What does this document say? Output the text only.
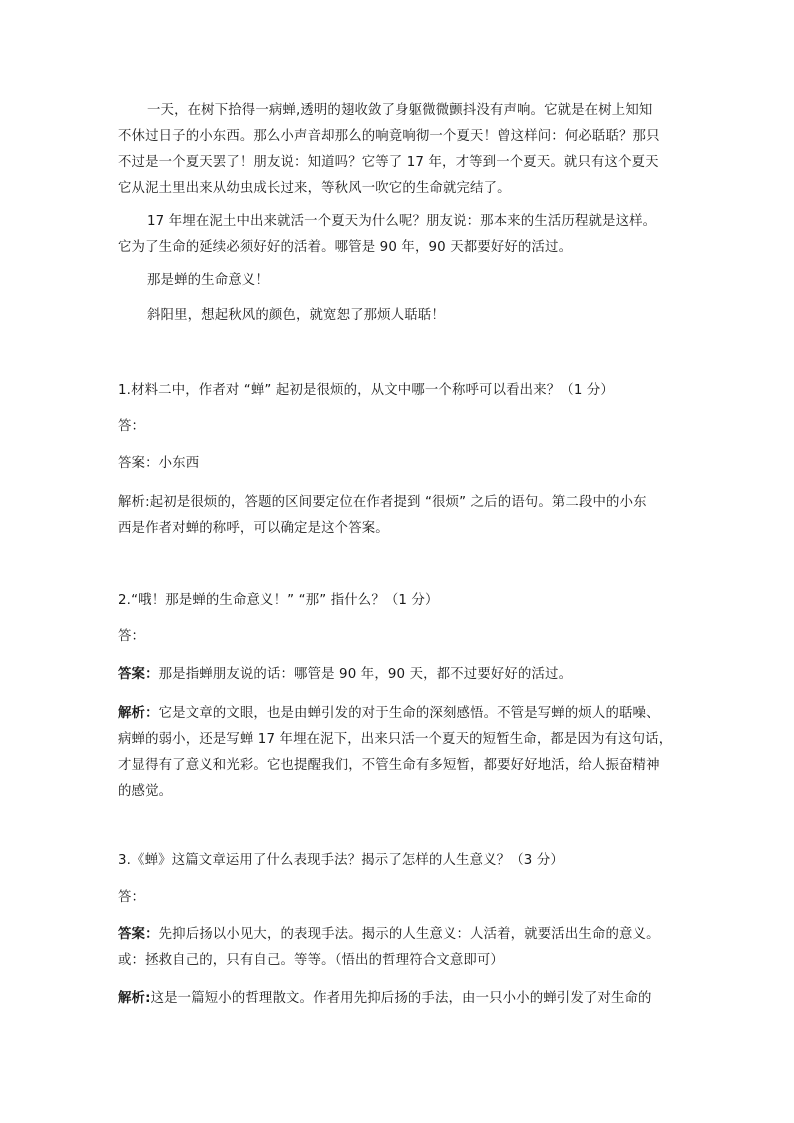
一天，在树下拾得一病蝉,透明的翅收敛了身躯微微颤抖没有声响。它就是在树上知知
不休过日子的小东西。那么小声音却那么的响竟响彻一个夏天！曾这样问：何必聒聒？那只
不过是一个夏天罢了！朋友说：知道吗？它等了 17 年，才等到一个夏天。就只有这个夏天
它从泥土里出来从幼虫成长过来，等秋风一吹它的生命就完结了。
17 年埋在泥土中出来就活一个夏天为什么呢？朋友说：那本来的生活历程就是这样。
它为了生命的延续必须好好的活着。哪管是 90 年，90 天都要好好的活过。
那是蝉的生命意义！
斜阳里，想起秋风的颜色，就宽恕了那烦人聒聒！
1.材料二中，作者对 “蝉” 起初是很烦的，从文中哪一个称呼可以看出来？（1 分）
答：
答案：小东西
解析:起初是很烦的，答题的区间要定位在作者提到 “很烦” 之后的语句。第二段中的小东
西是作者对蝉的称呼，可以确定是这个答案。
2.“哦！那是蝉的生命意义！” “那” 指什么？（1 分）
答：
答案：那是指蝉朋友说的话：哪管是 90 年，90 天，都不过要好好的活过。
解析：它是文章的文眼，也是由蝉引发的对于生命的深刻感悟。不管是写蝉的烦人的聒噪、
病蝉的弱小，还是写蝉 17 年埋在泥下，出来只活一个夏天的短暂生命，都是因为有这句话，
才显得有了意义和光彩。它也提醒我们，不管生命有多短暂，都要好好地活，给人振奋精神
的感觉。
3.《蝉》这篇文章运用了什么表现手法？揭示了怎样的人生意义？（3 分）
答：
答案：先抑后扬以小见大，的表现手法。揭示的人生意义：人活着，就要活出生命的意义。
或：拯救自己的，只有自己。等等。（悟出的哲理符合文意即可）
解析:这是一篇短小的哲理散文。作者用先抑后扬的手法，由一只小小的蝉引发了对生命的
